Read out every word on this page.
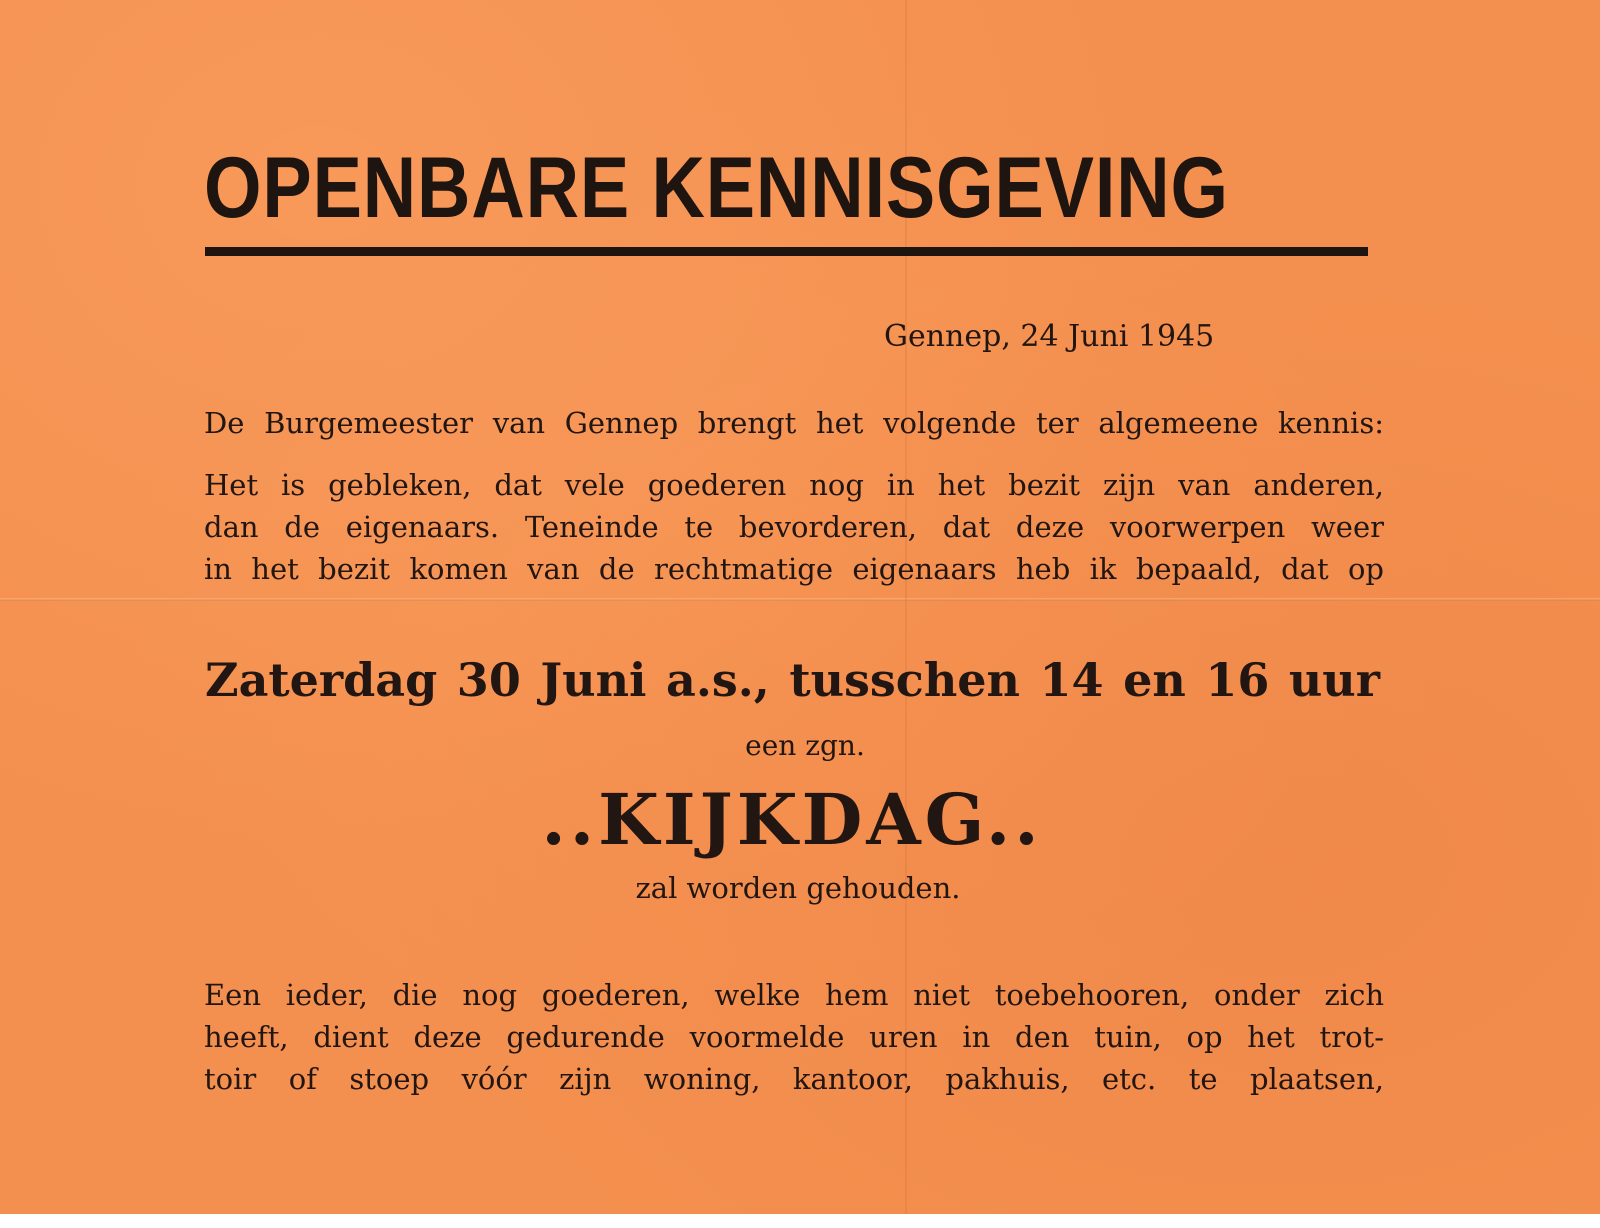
OPENBARE KENNISGEVING
Gennep, 24 Juni 1945

De Burgemeester van Gennep brengt het volgende ter algemeene kennis:

Het is gebleken, dat vele goederen nog in het bezit zijn van anderen,
dan de eigenaars. Teneinde te bevorderen, dat deze voorwerpen weer
in het bezit komen van de rechtmatige eigenaars heb ik bepaald, dat op

Zaterdag 30 Juni a.s., tusschen 14 en 16 uur
een zgn.
..KIJKDAG..
zal worden gehouden.

Een ieder, die nog goederen, welke hem niet toebehooren, onder zich
heeft, dient deze gedurende voormelde uren in den tuin, op het trot-
toir of stoep vóór zijn woning, kantoor, pakhuis, etc. te plaatsen,
